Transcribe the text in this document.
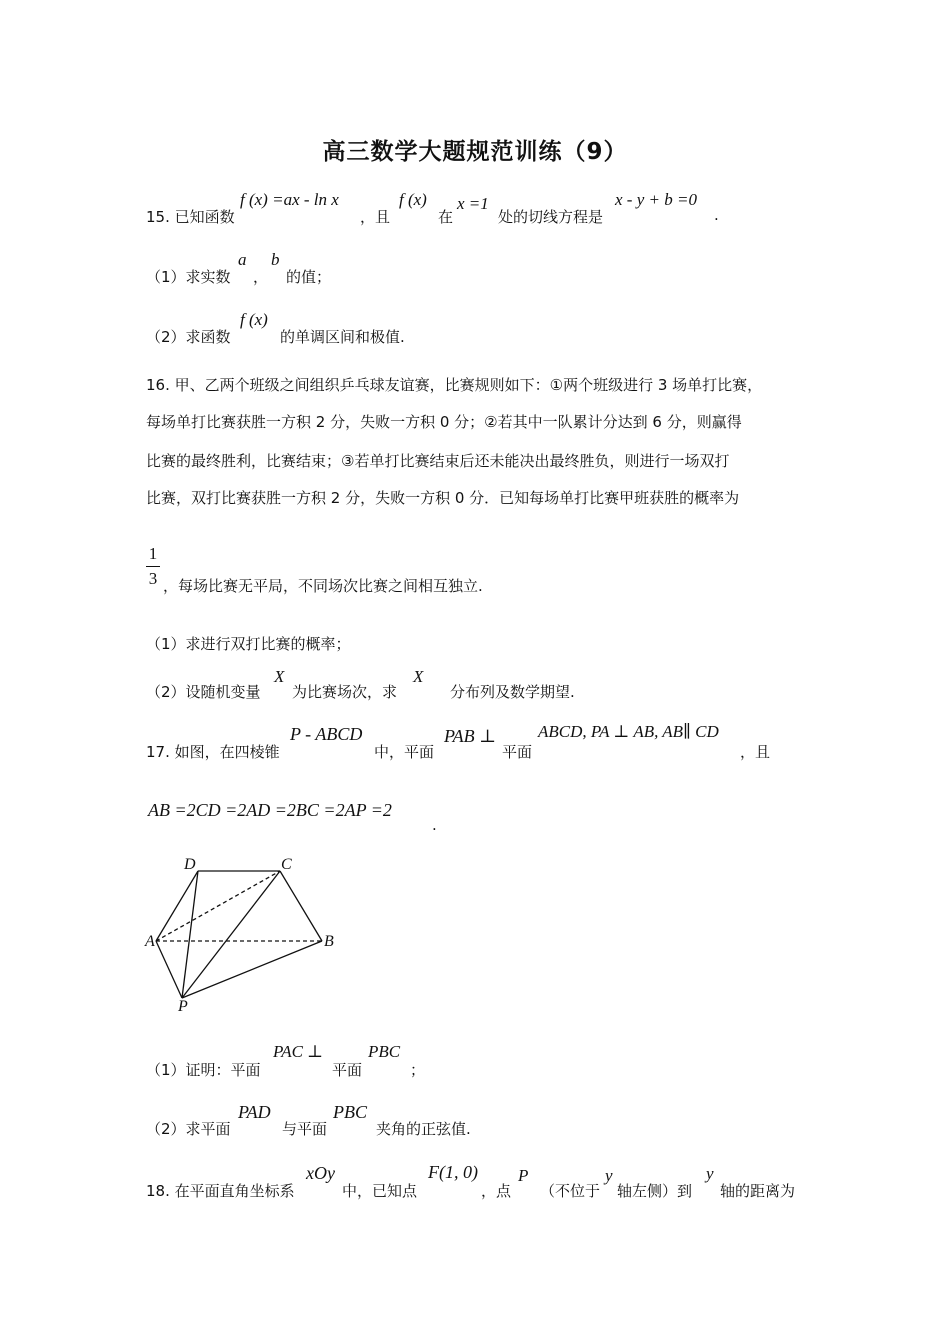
高三数学大题规范训练（9）
15. 已知函数
f (x) =ax - ln x
，且
f (x)
在
x =1
处的切线方程是
x - y + b =0
.
（1）求实数
a
，
b
的值；
（2）求函数
f (x)
的单调区间和极值.
16. 甲、乙两个班级之间组织乒乓球友谊赛，比赛规则如下：①两个班级进行 3 场单打比赛，
每场单打比赛获胜一方积 2 分，失败一方积 0 分；②若其中一队累计分达到 6 分，则赢得
比赛的最终胜利，比赛结束；③若单打比赛结束后还未能决出最终胜负，则进行一场双打
比赛，双打比赛获胜一方积 2 分，失败一方积 0 分．已知每场单打比赛甲班获胜的概率为
1
3 ，每场比赛无平局，不同场次比赛之间相互独立.
（1）求进行双打比赛的概率；
（2）设随机变量
X
为比赛场次，求
X
分布列及数学期望.
17. 如图，在四棱锥
P - ABCD
中，平面
PAB ⊥
平面
ABCD, PA ⊥ AB, AB∥ CD
，且
AB =2CD =2AD =2BC =2AP =2
.
D	C
A	B
P
（1）证明：平面
PAC ⊥
平面
PBC
；
（2）求平面
PAD
与平面
PBC
夹角的正弦值.
18. 在平面直角坐标系
xOy
中，已知点
F(1, 0)
，点
P
（不位于
y
轴左侧）到
y
轴的距离为
